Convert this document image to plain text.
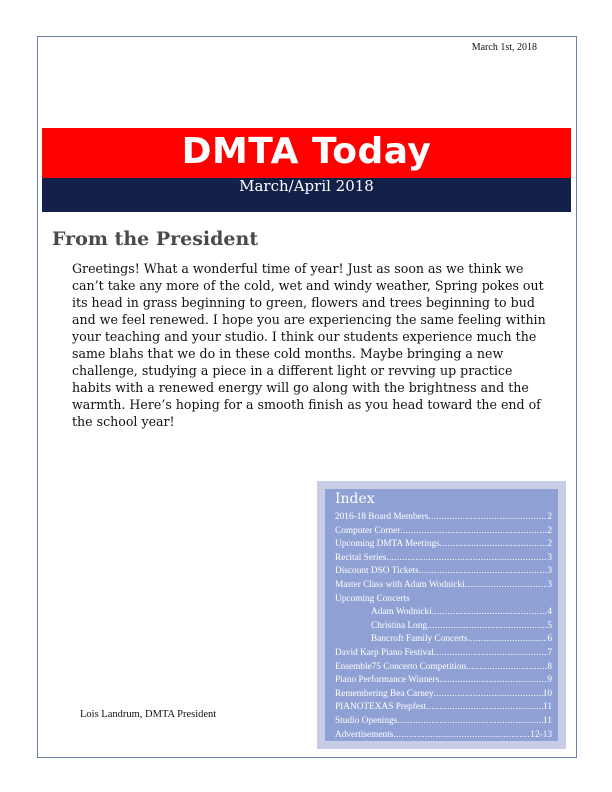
March 1st, 2018
DMTA Today
March/April 2018
From the President

Greetings! What a wonderful time of year! Just as soon as we think we can’t take any more of the cold, wet and windy weather, Spring pokes out its head in grass beginning to green, flowers and trees beginning to bud and we feel renewed. I hope you are experiencing the same feeling within your teaching and your studio. I think our students experience much the same blahs that we do in these cold months. Maybe bringing a new challenge, studying a piece in a different light or revving up practice habits with a renewed energy will go along with the brightness and the warmth. Here’s hoping for a smooth finish as you head toward the end of the school year!

Lois Landrum, DMTA President
Index
2016-18 Board Members .....	2
Computer Corner .....	2
Upcoming DMTA Meetings .....	2
Recital Series .....	3
Discount DSO Tickets .....	3
Master Class with Adam Wodnicki .....	3
Upcoming Concerts
Adam Wodnicki .....	4
Christina Long .....	5
Bancroft Family Concerts .....	6
David Karp Piano Festival .....	7
Ensemble75 Concerto Competition .....	8
Piano Performance Winners .....	9
Remembering Bea Carney .....	10
PIANOTEXAS Prepfest .....	11
Studio Openings .....	11
Advertisements .....	12-13
